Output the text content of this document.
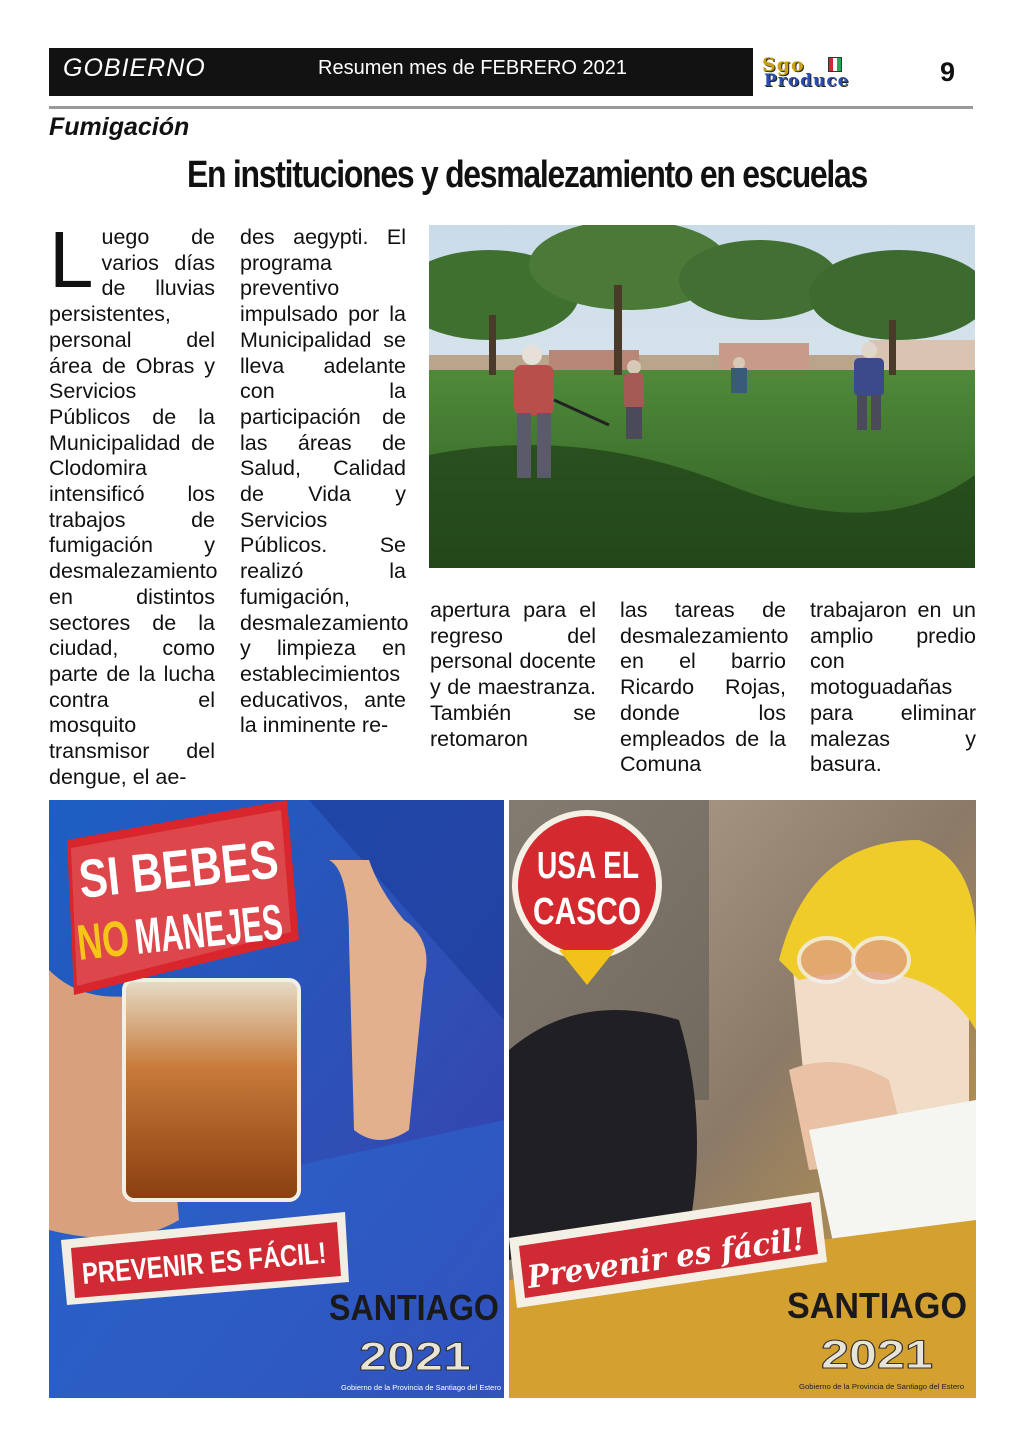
GOBIERNO	Resumen mes de FEBRERO 2021	Sgo
Produce	9
Fumigación
En instituciones y desmalezamiento en escuelas
Luego de varios días de lluvias persistentes, personal del área de Obras y Servicios Públicos de la Municipalidad de Clodomira intensificó los trabajos de fumigación y desmalezamiento en distintos sectores de la ciudad, como parte de la lucha contra el mosquito transmisor del dengue, el ae-
des aegypti. El programa preventivo impulsado por la Municipalidad se lleva adelante con la participación de las áreas de Salud, Calidad de Vida y Servicios Públicos. Se realizó la fumigación, desmalezamiento y limpieza en establecimientos educativos, ante la inminente re-
apertura para el regreso del personal docente y de maestranza. También se retomaron
las tareas de desmalezamiento en el barrio Ricardo Rojas, donde los empleados de la Comuna
trabajaron en un amplio predio con motoguadañas para eliminar malezas y basura.
SI BEBES
NO
MANEJES
PREVENIR ES FÁCIL!
SANTIAGO
2021
Gobierno de la Provincia de Santiago del Estero
USA EL
CASCO
Prevenir es fácil!
SANTIAGO
2021
Gobierno de la Provincia de Santiago del Estero
